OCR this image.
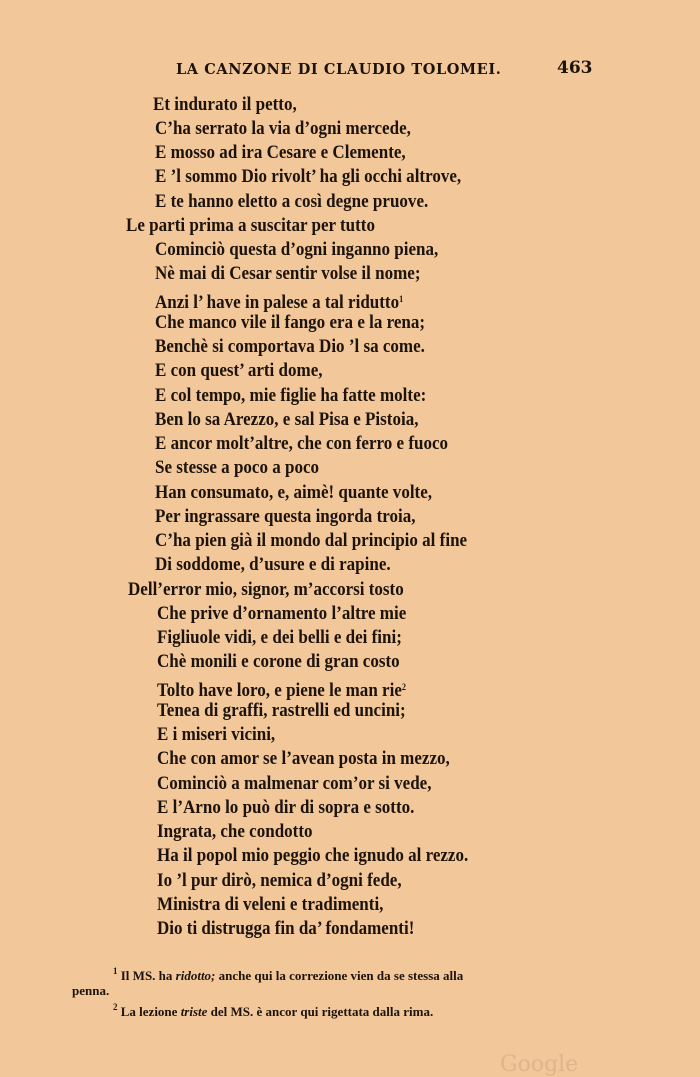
LA CANZONE DI CLAUDIO TOLOMEI.	463
Et indurato il petto,
C’ha serrato la via d’ogni mercede,
E mosso ad ira Cesare e Clemente,
E ’l sommo Dio rivolt’ ha gli occhi altrove,
E te hanno eletto a così degne pruove.
Le parti prima a suscitar per tutto
Cominciò questa d’ogni inganno piena,
Nè mai di Cesar sentir volse il nome;
Anzi l’ have in palese a tal ridutto$^1$
Che manco vile il fango era e la rena;
Benchè si comportava Dio ’l sa come.
E con quest’ arti dome,
E col tempo, mie figlie ha fatte molte:
Ben lo sa Arezzo, e sal Pisa e Pistoia,
E ancor molt’altre, che con ferro e fuoco
Se stesse a poco a poco
Han consumato, e, aimè! quante volte,
Per ingrassare questa ingorda troia,
C’ha pien già il mondo dal principio al fine
Di soddome, d’usure e di rapine.
Dell’error mio, signor, m’accorsi tosto
Che prive d’ornamento l’altre mie
Figliuole vidi, e dei belli e dei fini;
Chè monili e corone di gran costo
Tolto have loro, e piene le man rie$^2$
Tenea di graffi, rastrelli ed uncini;
E i miseri vicini,
Che con amor se l’avean posta in mezzo,
Cominciò a malmenar com’or si vede,
E l’Arno lo può dir di sopra e sotto.
Ingrata, che condotto
Ha il popol mio peggio che ignudo al rezzo.
Io ’l pur dirò, nemica d’ogni fede,
Ministra di veleni e tradimenti,
Dio ti distrugga fin da’ fondamenti!
$^1$ Il MS. ha ridotto; anche qui la correzione vien da se stessa alla
penna.
$^2$ La lezione triste del MS. è ancor qui rigettata dalla rima.
Google
